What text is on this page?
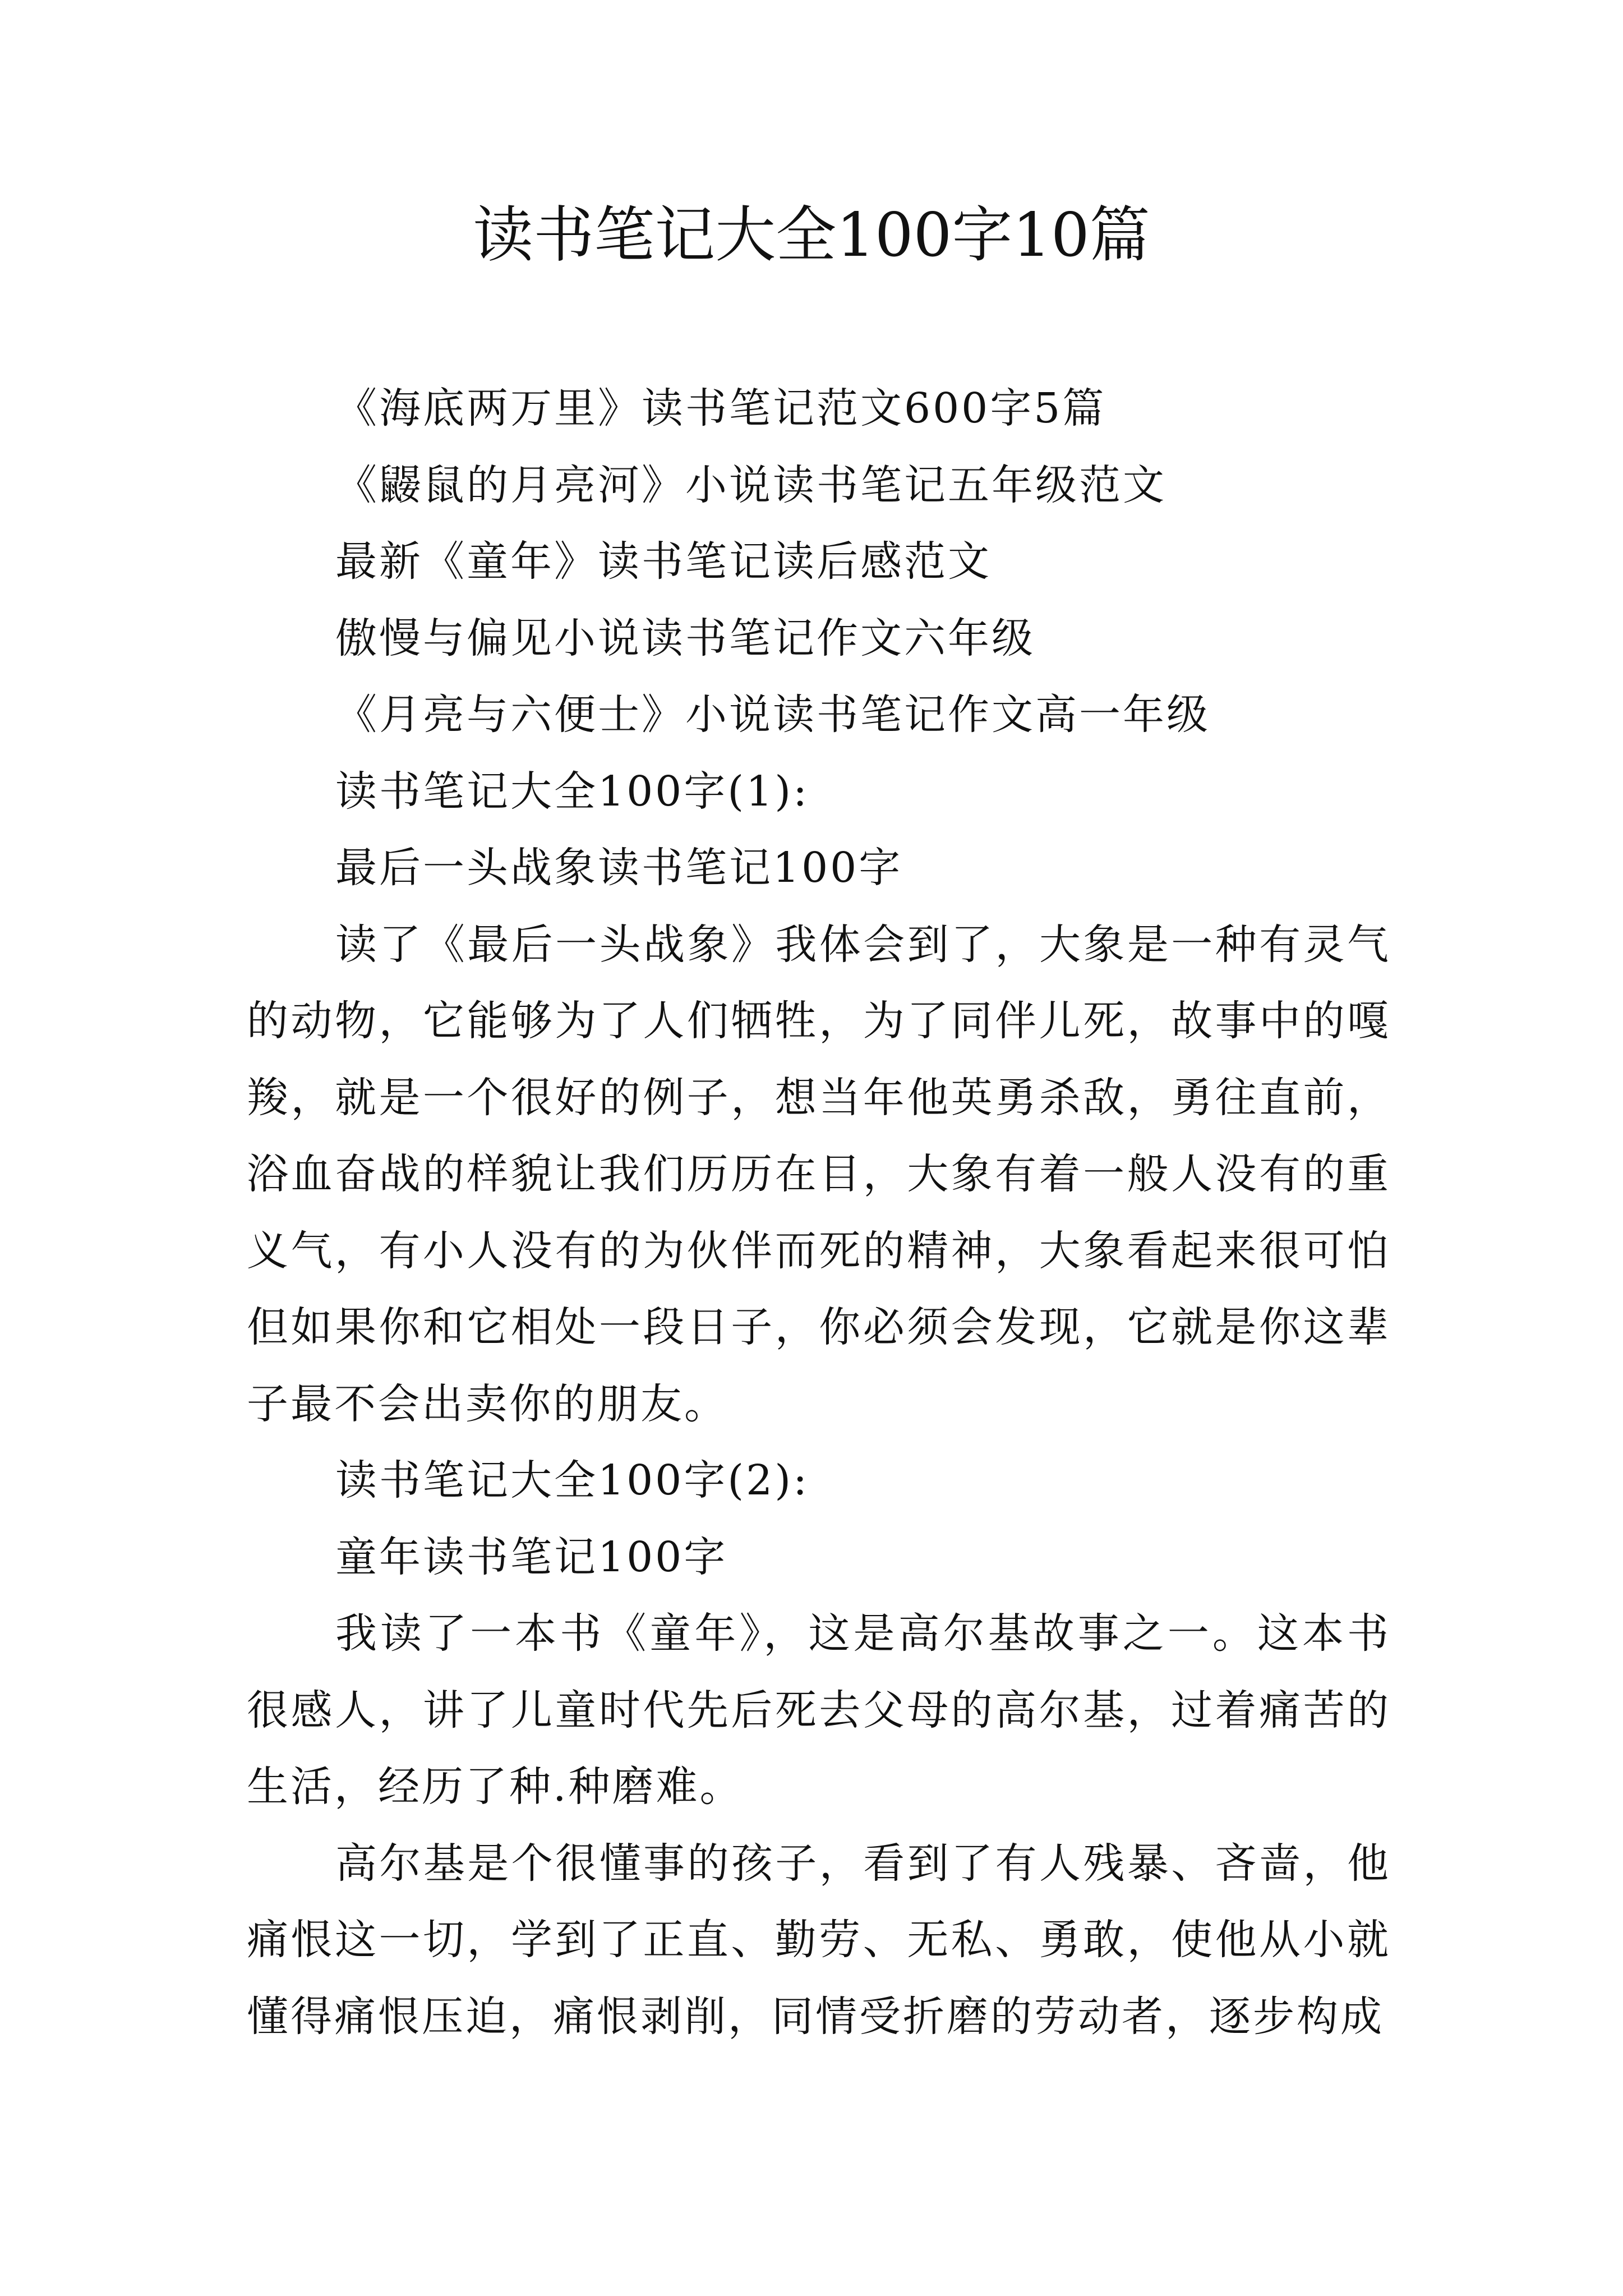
读书笔记大全100字10篇

《海底两万里》读书笔记范文600字5篇

《鼹鼠的月亮河》小说读书笔记五年级范文

最新《童年》读书笔记读后感范文

傲慢与偏见小说读书笔记作文六年级

《月亮与六便士》小说读书笔记作文高一年级

读书笔记大全100字(1):

最后一头战象读书笔记100字

读了《最后一头战象》我体会到了，大象是一种有灵气的动物，它能够为了人们牺牲，为了同伴儿死，故事中的嘎羧，就是一个很好的例子，想当年他英勇杀敌，勇往直前，浴血奋战的样貌让我们历历在目，大象有着一般人没有的重义气，有小人没有的为伙伴而死的精神，大象看起来很可怕但如果你和它相处一段日子，你必须会发现，它就是你这辈子最不会出卖你的朋友。

读书笔记大全100字(2):

童年读书笔记100字

我读了一本书《童年》，这是高尔基故事之一。这本书很感人，讲了儿童时代先后死去父母的高尔基，过着痛苦的生活，经历了种.种磨难。

高尔基是个很懂事的孩子，看到了有人残暴、吝啬，他痛恨这一切，学到了正直、勤劳、无私、勇敢，使他从小就懂得痛恨压迫，痛恨剥削，同情受折磨的劳动者，逐步构成
